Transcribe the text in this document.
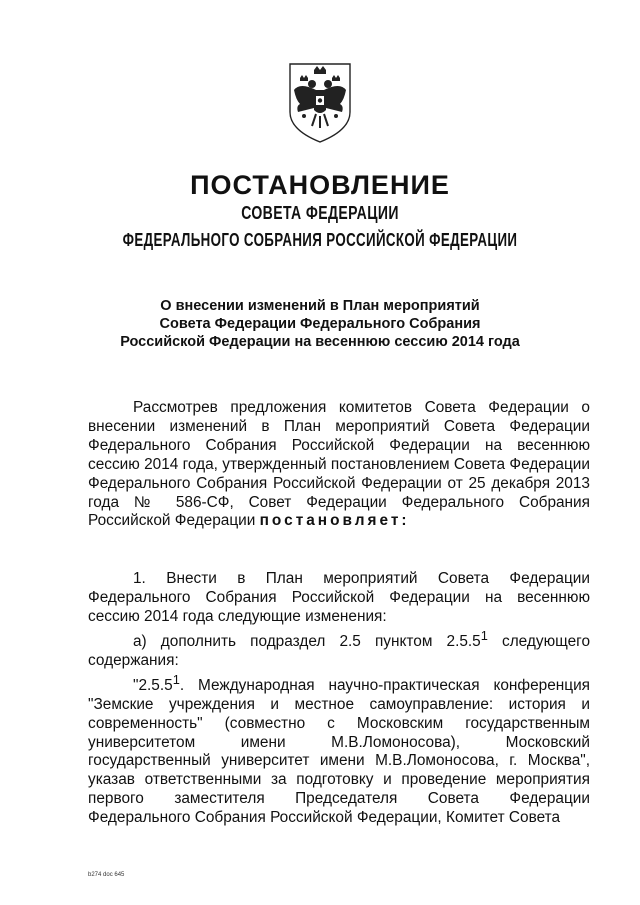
ПОСТАНОВЛЕНИЕ
СОВЕТА ФЕДЕРАЦИИ
ФЕДЕРАЛЬНОГО СОБРАНИЯ РОССИЙСКОЙ ФЕДЕРАЦИИ
О внесении изменений в План мероприятий
Совета Федерации Федерального Собрания
Российской Федерации на весеннюю сессию 2014 года

Рассмотрев предложения комитетов Совета Федерации о внесении изменений в План мероприятий Совета Федерации Федерального Собрания Российской Федерации на весеннюю сессию 2014 года, утвержденный постановлением Совета Федерации Федерального Собрания Российской Федерации от 25 декабря 2013 года № 586-СФ, Совет Федерации Федерального Собрания Российской Федерации постановляет:

1. Внести в План мероприятий Совета Федерации Федерального Собрания Российской Федерации на весеннюю сессию 2014 года следующие изменения:

а) дополнить подраздел 2.5 пунктом 2.5.5$^1$ следующего содержания:

"2.5.5$^1$. Международная научно-практическая конференция "Земские учреждения и местное самоуправление: история и современность" (совместно с Московским государственным университетом имени М.В.Ломоносова), Московский государственный университет имени М.В.Ломоносова, г. Москва", указав ответственными за подготовку и проведение мероприятия первого заместителя Председателя Совета Федерации Федерального Собрания Российской Федерации, Комитет Совета

b274 doc 645
